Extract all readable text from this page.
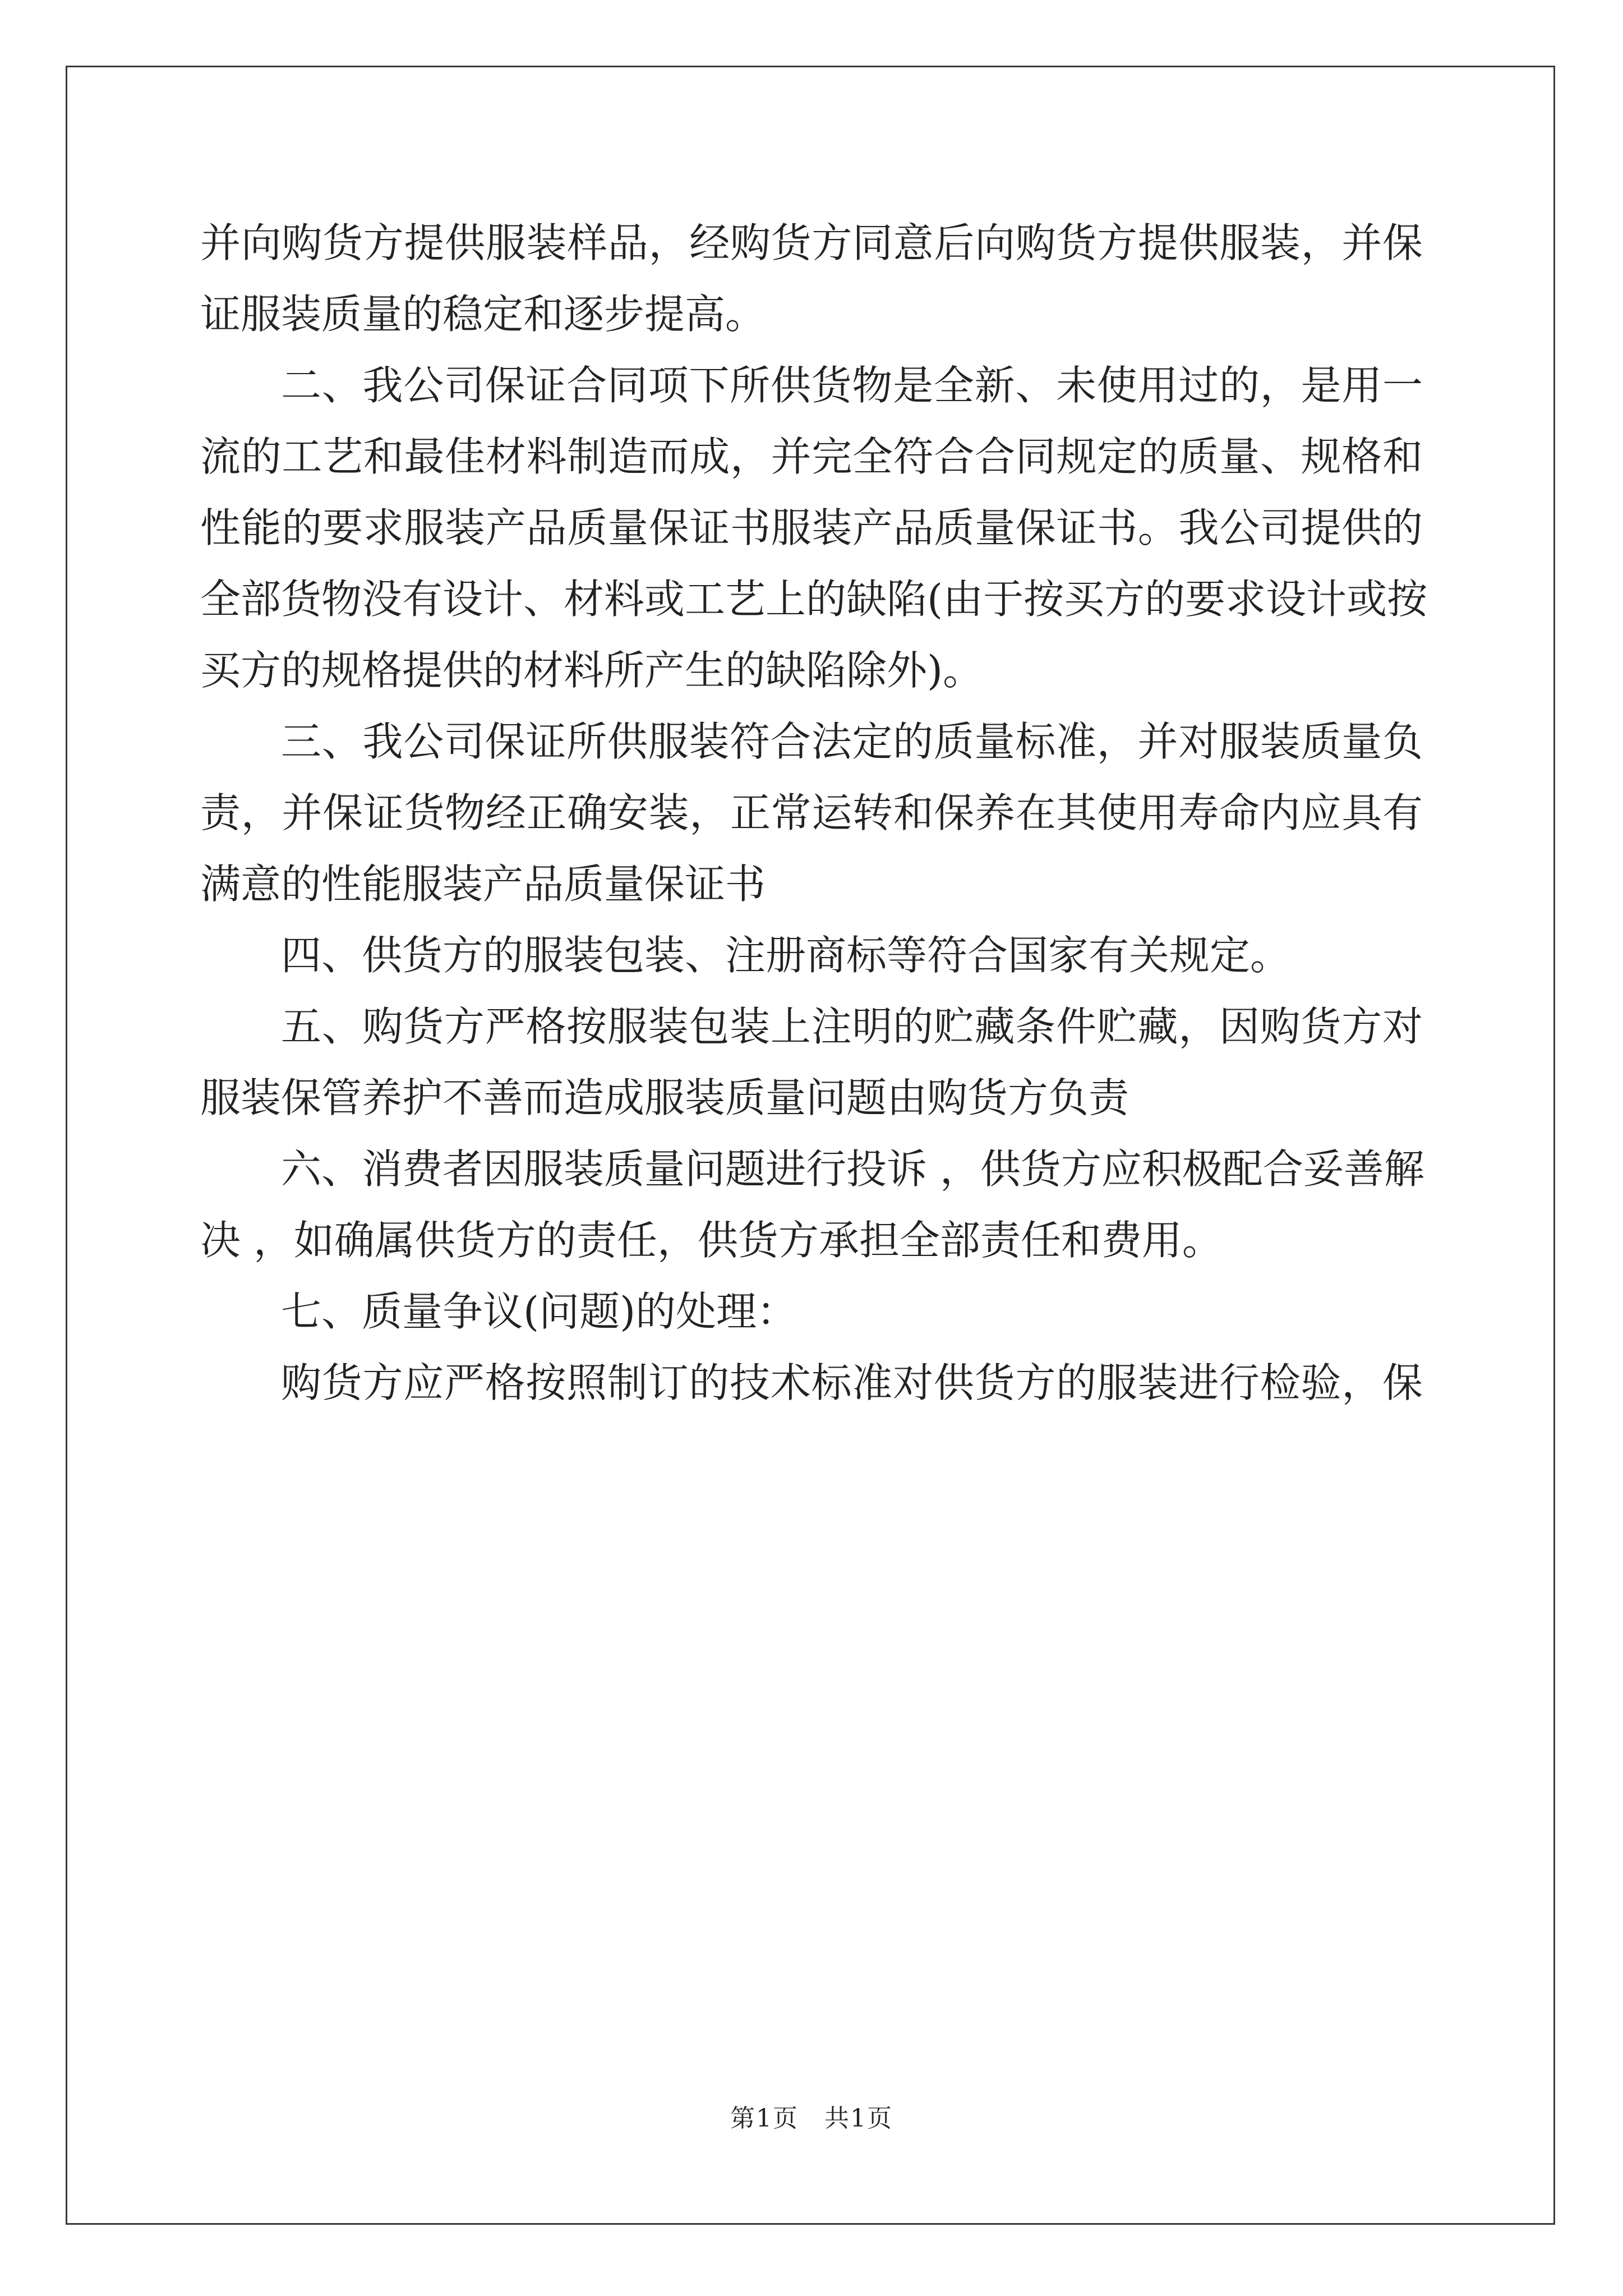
并向购货方提供服装样品，经购货方同意后向购货方提供服装，并保
证服装质量的稳定和逐步提高。
二、我公司保证合同项下所供货物是全新、未使用过的，是用一
流的工艺和最佳材料制造而成，并完全符合合同规定的质量、规格和
性能的要求服装产品质量保证书服装产品质量保证书。我公司提供的
全部货物没有设计、材料或工艺上的缺陷(由于按买方的要求设计或按
买方的规格提供的材料所产生的缺陷除外)。
三、我公司保证所供服装符合法定的质量标准，并对服装质量负
责，并保证货物经正确安装，正常运转和保养在其使用寿命内应具有
满意的性能服装产品质量保证书
四、供货方的服装包装、注册商标等符合国家有关规定。
五、购货方严格按服装包装上注明的贮藏条件贮藏，因购货方对
服装保管养护不善而造成服装质量问题由购货方负责
六、消费者因服装质量问题进行投诉 ，供货方应积极配合妥善解
决 ，如确属供货方的责任，供货方承担全部责任和费用。
七、质量争议(问题)的处理：
购货方应严格按照制订的技术标准对供货方的服装进行检验，保
第1页　共1页
